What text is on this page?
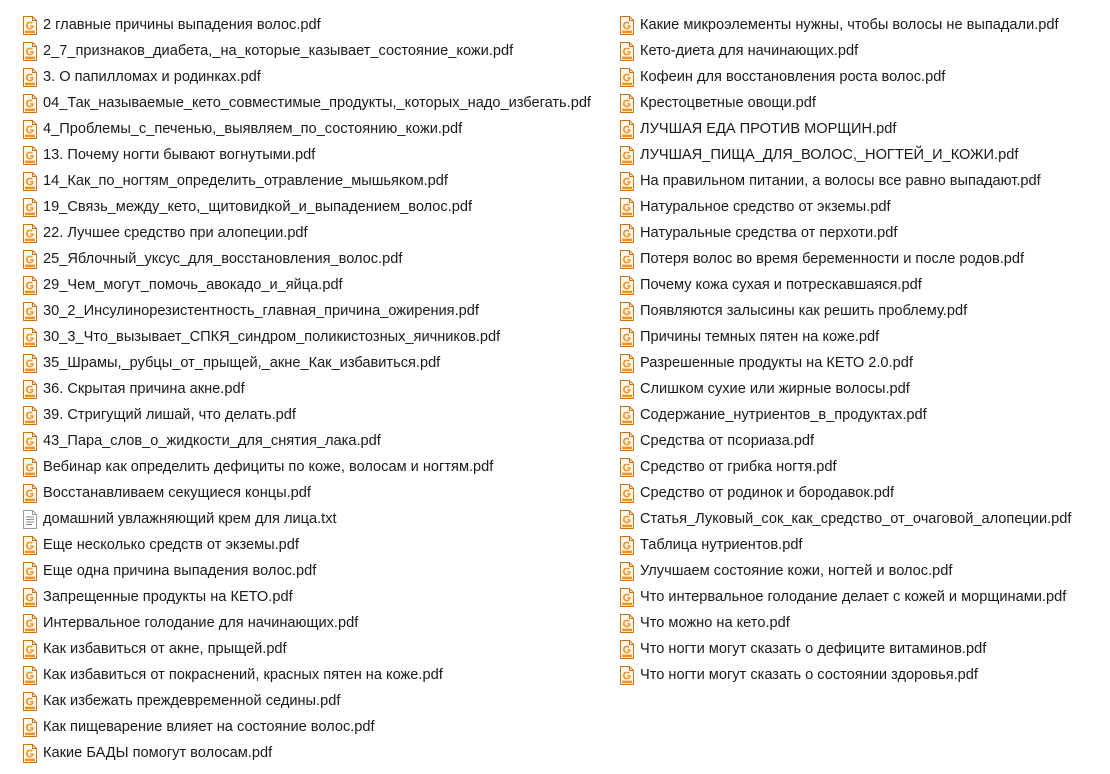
2 главные причины выпадения волос.pdf
2_7_признаков_диабета,_на_которые_казывает_состояние_кожи.pdf
3. О папилломах и родинках.pdf
04_Так_называемые_кето_совместимые_продукты,_которых_надо_избегать.pdf
4_Проблемы_с_печенью,_выявляем_по_состоянию_кожи.pdf
13. Почему ногти бывают вогнутыми.pdf
14_Как_по_ногтям_определить_отравление_мышьяком.pdf
19_Связь_между_кето,_щитовидкой_и_выпадением_волос.pdf
22. Лучшее средство при алопеции.pdf
25_Яблочный_уксус_для_восстановления_волос.pdf
29_Чем_могут_помочь_авокадо_и_яйца.pdf
30_2_Инсулинорезистентность_главная_причина_ожирения.pdf
30_3_Что_вызывает_СПКЯ_синдром_поликистозных_яичников.pdf
35_Шрамы,_рубцы_от_прыщей,_акне_Как_избавиться.pdf
36. Скрытая причина акне.pdf
39. Стригущий лишай, что делать.pdf
43_Пара_слов_о_жидкости_для_снятия_лака.pdf
Вебинар как определить дефициты по коже, волосам и ногтям.pdf
Восстанавливаем секущиеся концы.pdf
домашний увлажняющий крем для лица.txt
Еще несколько средств от экземы.pdf
Еще одна причина выпадения волос.pdf
Запрещенные продукты на КЕТО.pdf
Интервальное голодание для начинающих.pdf
Как избавиться от акне, прыщей.pdf
Как избавиться от покраснений, красных пятен на коже.pdf
Как избежать преждевременной седины.pdf
Как пищеварение влияет на состояние волос.pdf
Какие БАДЫ помогут волосам.pdf
Какие микроэлементы нужны, чтобы волосы не выпадали.pdf
Кето-диета для начинающих.pdf
Кофеин для восстановления роста волос.pdf
Крестоцветные овощи.pdf
ЛУЧШАЯ ЕДА ПРОТИВ МОРЩИН.pdf
ЛУЧШАЯ_ПИЩА_ДЛЯ_ВОЛОС,_НОГТЕЙ_И_КОЖИ.pdf
На правильном питании, а волосы все равно выпадают.pdf
Натуральное средство от экземы.pdf
Натуральные средства от перхоти.pdf
Потеря волос во время беременности и после родов.pdf
Почему кожа сухая и потрескавшаяся.pdf
Появляются залысины как решить проблему.pdf
Причины темных пятен на коже.pdf
Разрешенные продукты на КЕТО 2.0.pdf
Слишком сухие или жирные волосы.pdf
Содержание_нутриентов_в_продуктах.pdf
Средства от псориаза.pdf
Средство от грибка ногтя.pdf
Средство от родинок и бородавок.pdf
Статья_Луковый_сок_как_средство_от_очаговой_алопеции.pdf
Таблица нутриентов.pdf
Улучшаем состояние кожи, ногтей и волос.pdf
Что интервальное голодание делает с кожей и морщинами.pdf
Что можно на кето.pdf
Что ногти могут сказать о дефиците витаминов.pdf
Что ногти могут сказать о состоянии здоровья.pdf
